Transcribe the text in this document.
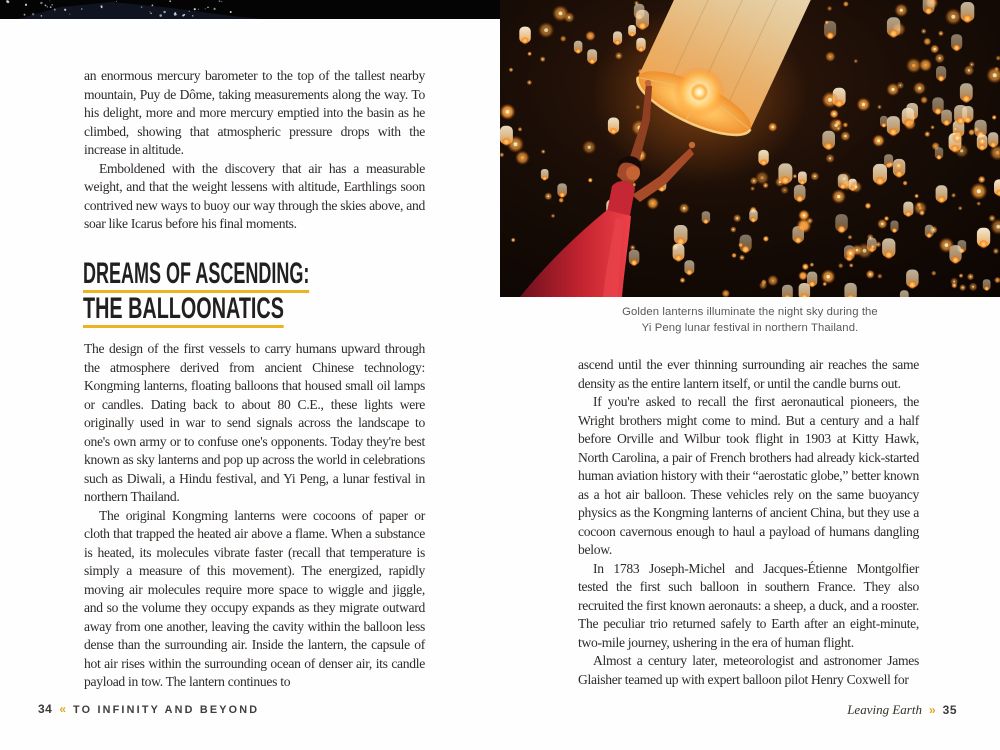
an enormous mercury barometer to the top of the tallest nearby mountain, Puy de Dôme, taking measurements along the way. To his delight, more and more mercury emptied into the basin as he climbed, showing that atmospheric pressure drops with the increase in altitude.

Emboldened with the discovery that air has a measurable weight, and that the weight lessens with altitude, Earthlings soon contrived new ways to buoy our way through the skies above, and soar like Icarus before his final moments.

DREAMS OF ASCENDING:
THE BALLOONATICS

The design of the first vessels to carry humans upward through the atmosphere derived from ancient Chinese technology: Kongming lanterns, floating balloons that housed small oil lamps or candles. Dating back to about 80 C.E., these lights were originally used in war to send signals across the landscape to one's own army or to confuse one's opponents. Today they're best known as sky lanterns and pop up across the world in celebrations such as Diwali, a Hindu festival, and Yi Peng, a lunar festival in northern Thailand.

The original Kongming lanterns were cocoons of paper or cloth that trapped the heated air above a flame. When a substance is heated, its molecules vibrate faster (recall that temperature is simply a measure of this movement). The energized, rapidly moving air molecules require more space to wiggle and jiggle, and so the volume they occupy expands as they migrate outward away from one another, leaving the cavity within the balloon less dense than the surrounding air. Inside the lantern, the capsule of hot air rises within the surrounding ocean of denser air, its candle payload in tow. The lantern continues to

34 « TO INFINITY AND BEYOND
Golden lanterns illuminate the night sky during the
Yi Peng lunar festival in northern Thailand.

ascend until the ever thinning surrounding air reaches the same density as the entire lantern itself, or until the candle burns out.

If you're asked to recall the first aeronautical pioneers, the Wright brothers might come to mind. But a century and a half before Orville and Wilbur took flight in 1903 at Kitty Hawk, North Carolina, a pair of French brothers had already kick-started human aviation history with their “aerostatic globe,” better known as a hot air balloon. These vehicles rely on the same buoyancy physics as the Kongming lanterns of ancient China, but they use a cocoon cavernous enough to haul a payload of humans dangling below.

In 1783 Joseph-Michel and Jacques-Étienne Montgolfier tested the first such balloon in southern France. They also recruited the first known aeronauts: a sheep, a duck, and a rooster. The peculiar trio returned safely to Earth after an eight-minute, two-mile journey, ushering in the era of human flight.

Almost a century later, meteorologist and astronomer James Glaisher teamed up with expert balloon pilot Henry Coxwell for

Leaving Earth » 35
